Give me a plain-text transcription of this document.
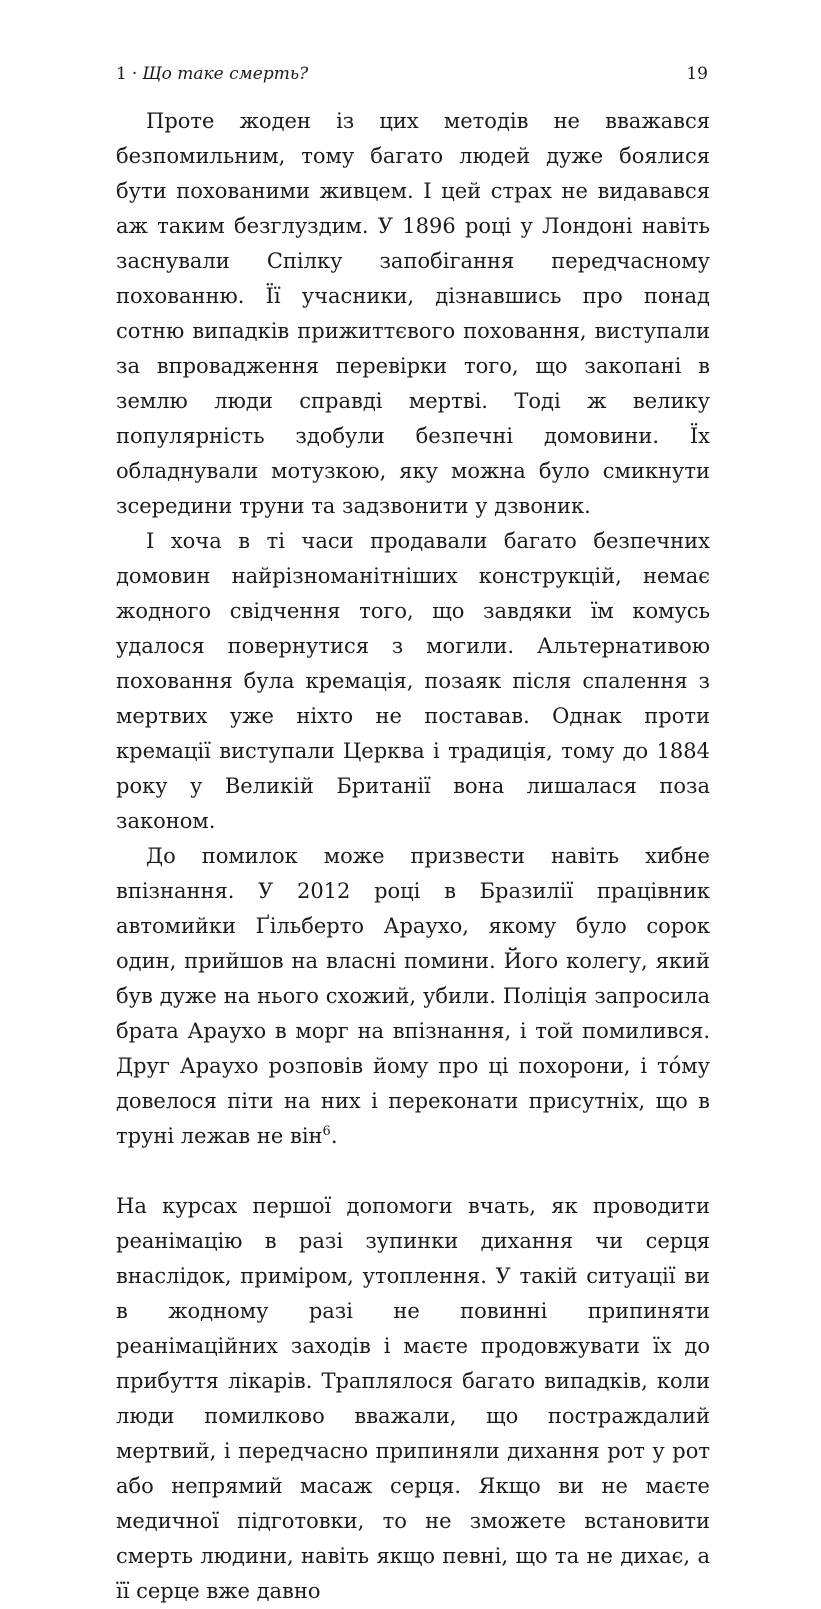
1 · Що таке смерть?	19

Проте жоден із цих методів не вважався безпомильним, тому багато людей дуже боялися бути похованими живцем. І цей страх не видавався аж таким безглуздим. У 1896 році у Лондоні навіть заснували Спілку запобігання передчасному похованню. Її учасники, дізнавшись про понад сотню випадків прижиттєвого поховання, виступали за впровадження перевірки того, що закопані в землю люди справді мертві. Тоді ж велику популярність здобули безпечні домовини. Їх обладнували мотузкою, яку можна було смикнути зсередини труни та задзвонити у дзвоник.

І хоча в ті часи продавали багато безпечних домовин найрізноманітніших конструкцій, немає жодного свідчення того, що завдяки їм комусь удалося повернутися з могили. Альтернативою поховання була кремація, позаяк після спалення з мертвих уже ніхто не поставав. Однак проти кремації виступали Церква і традиція, тому до 1884 року у Великій Британії вона лишалася поза законом.

До помилок може призвести навіть хибне впізнання. У 2012 році в Бразилії працівник автомийки Ґільберто Араухо, якому було сорок один, прийшов на власні помини. Його колегу, який був дуже на нього схожий, убили. Поліція запросила брата Араухо в морг на впізнання, і той помилився. Друг Араухо розповів йому про ці похорони, і то́му довелося піти на них і переконати присутніх, що в труні лежав не він$^6$.

На курсах першої допомоги вчать, як проводити реанімацію в разі зупинки дихання чи серця внаслідок, приміром, утоплення. У такій ситуації ви в жодному разі не повинні припиняти реанімаційних заходів і маєте продовжувати їх до прибуття лікарів. Траплялося багато випадків, коли люди помилково вважали, що постраждалий мертвий, і передчасно припиняли дихання рот у рот або непрямий масаж серця. Якщо ви не маєте медичної підготовки, то не зможете встановити смерть людини, навіть якщо певні, що та не дихає, а її серце вже давно
